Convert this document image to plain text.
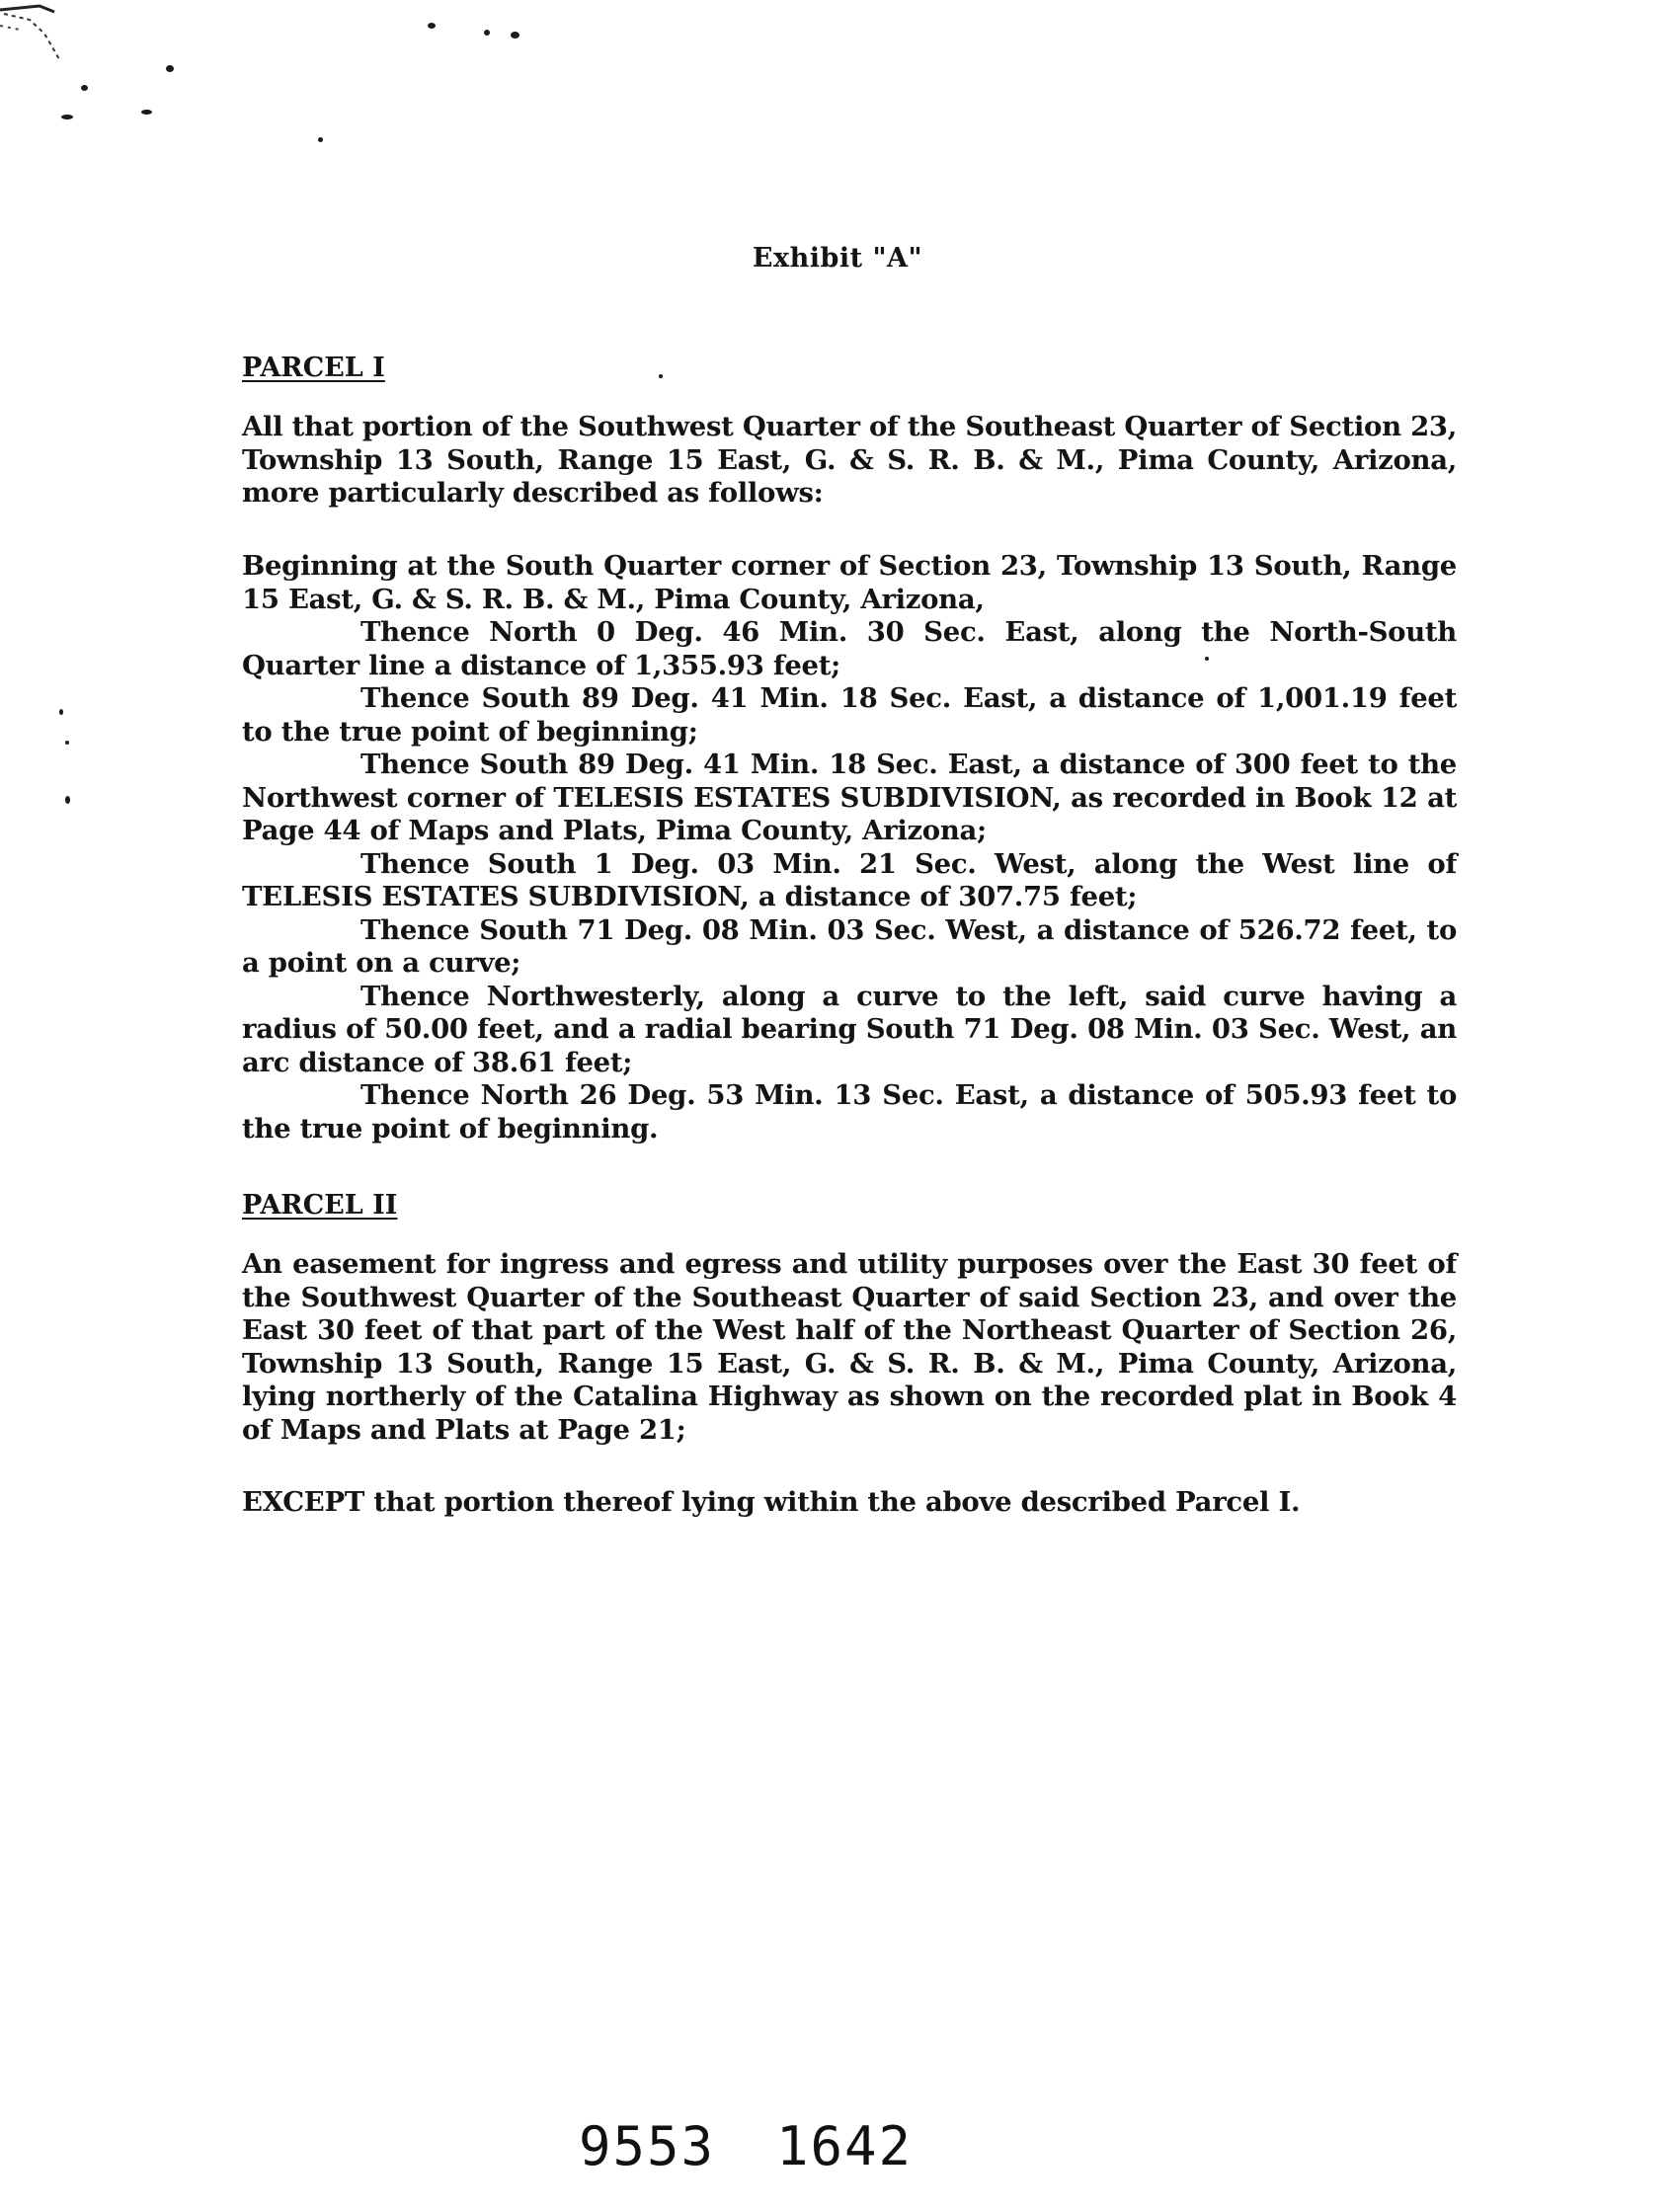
Exhibit "A"
PARCEL I

All that portion of the Southwest Quarter of the Southeast Quarter of Section 23, Township 13 South, Range 15 East, G. & S. R. B. & M., Pima County, Arizona, more particularly described as follows:

Beginning at the South Quarter corner of Section 23, Township 13 South, Range 15 East, G. & S. R. B. & M., Pima County, Arizona,

Thence North 0 Deg. 46 Min. 30 Sec. East, along the North-South Quarter line a distance of 1,355.93 feet;

Thence South 89 Deg. 41 Min. 18 Sec. East, a distance of 1,001.19 feet to the true point of beginning;

Thence South 89 Deg. 41 Min. 18 Sec. East, a distance of 300 feet to the Northwest corner of TELESIS ESTATES SUBDIVISION, as recorded in Book 12 at Page 44 of Maps and Plats, Pima County, Arizona;

Thence South 1 Deg. 03 Min. 21 Sec. West, along the West line of TELESIS ESTATES SUBDIVISION, a distance of 307.75 feet;

Thence South 71 Deg. 08 Min. 03 Sec. West, a distance of 526.72 feet, to a point on a curve;

Thence Northwesterly, along a curve to the left, said curve having a radius of 50.00 feet, and a radial bearing South 71 Deg. 08 Min. 03 Sec. West, an arc distance of 38.61 feet;

Thence North 26 Deg. 53 Min. 13 Sec. East, a distance of 505.93 feet to the true point of beginning.

PARCEL II

An easement for ingress and egress and utility purposes over the East 30 feet of the Southwest Quarter of the Southeast Quarter of said Section 23, and over the East 30 feet of that part of the West half of the Northeast Quarter of Section 26, Township 13 South, Range 15 East, G. & S. R. B. & M., Pima County, Arizona, lying northerly of the Catalina Highway as shown on the recorded plat in Book 4 of Maps and Plats at Page 21;

EXCEPT that portion thereof lying within the above described Parcel I.

9553 1642
